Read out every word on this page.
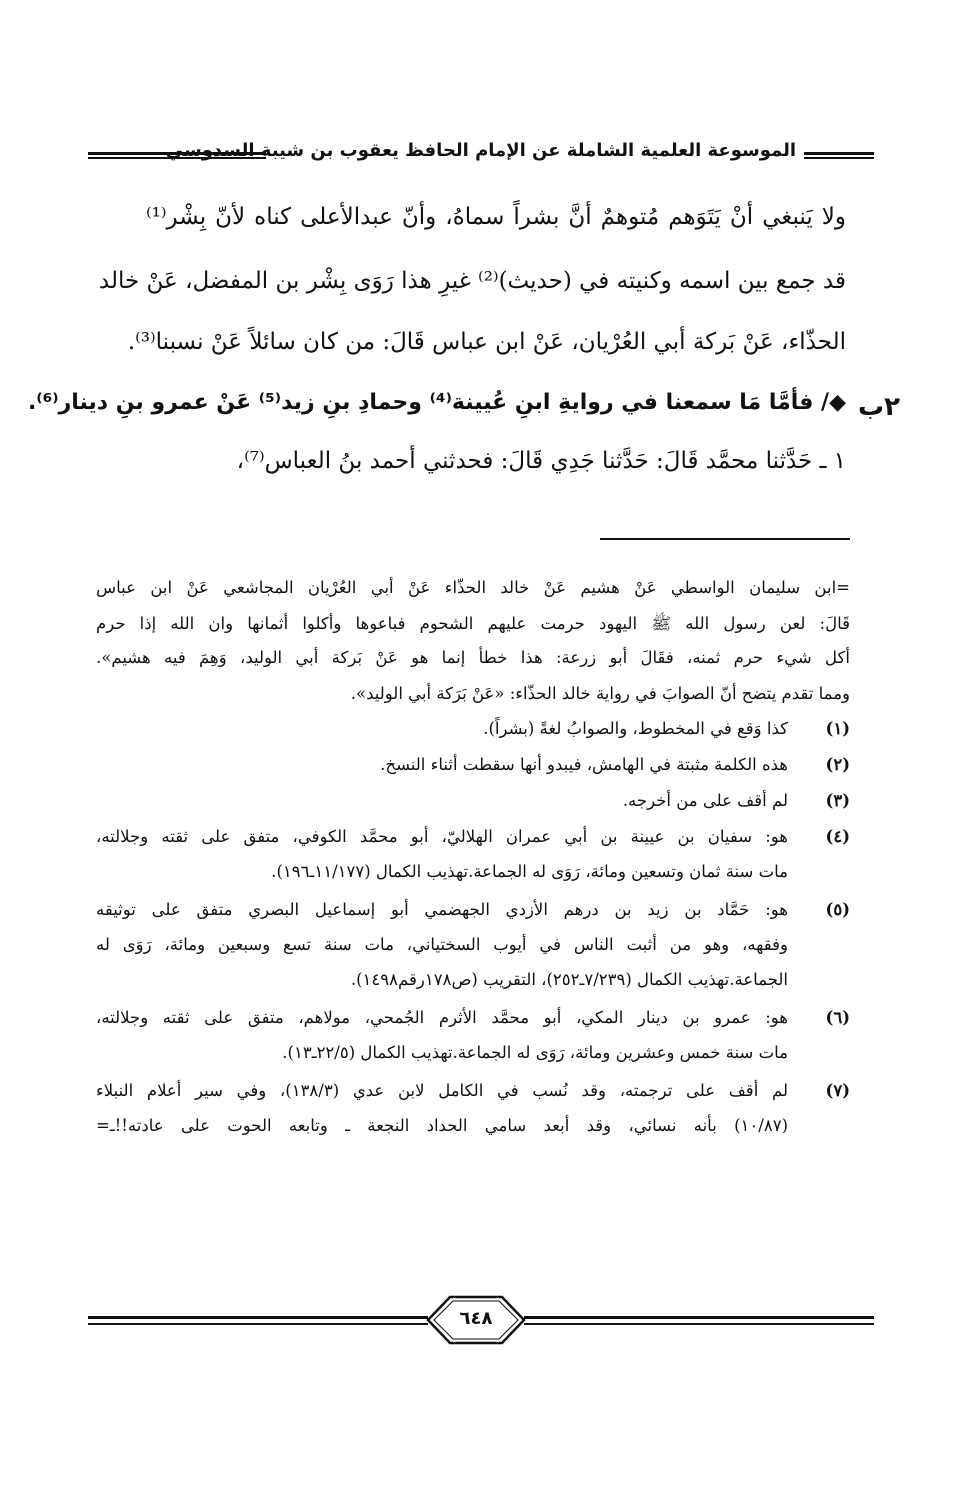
الموسوعة العلمية الشاملة عن الإمام الحافظ يعقوب بن شيبة السدوسي
ولا يَنبغي أنْ يَتَوَهم مُتوهمٌ أنَّ بشراً سماهُ، وأنّ عبدالأعلى كناه لأنّ بِشْر⁽¹⁾
قد جمع بين اسمه وكنيته في (حديث)⁽²⁾ غيرِ هذا رَوَى بِشْر بن المفضل، عَنْ خالد
الحذّاء، عَنْ بَركة أبي العُرْيان، عَنْ ابن عباس قَالَ: من كان سائلاً عَنْ نسبنا⁽³⁾.
◆/ فأمَّا مَا سمعنا في روايةِ ابنِ عُيينة⁽⁴⁾ وحمادِ بنِ زيد⁽⁵⁾ عَنْ عمرو بنِ دينار⁽⁶⁾.
١ ـ حَدَّثنا محمَّد قَالَ: حَدَّثنا جَدِي قَالَ: فحدثني أحمد بنُ العباس⁽⁷⁾،
٢ب
=ابن سليمان الواسطي عَنْ هشيم عَنْ خالد الحذّاء عَنْ أبي العُرْيان المجاشعي عَنْ ابن عباس
قَالَ: لعن رسول الله ﷺ اليهود حرمت عليهم الشحوم فباعوها وأكلوا أثمانها وان الله إذا حرم
أكل شيء حرم ثمنه، فقَالَ أبو زرعة: هذا خطأ إنما هو عَنْ بَركة أبي الوليد، وَهِمَ فيه هشيم».
ومما تقدم يتضح أنّ الصوابَ في رواية خالد الحذّاء: «عَنْ بَرَكة أبي الوليد».
(١)
كذا وَقع في المخطوط، والصوابُ لغةً (بشراً).
(٢)
هذه الكلمة مثبتة في الهامش، فيبدو أنها سقطت أثناء النسخ.
(٣)
لم أقف على من أخرجه.
(٤)
هو: سفيان بن عيينة بن أبي عمران الهلاليّ، أبو محمَّد الكوفي، متفق على ثقته وجلالته،
مات سنة ثمان وتسعين ومائة، رَوَى له الجماعة.تهذيب الكمال (١١/١٧٧ـ١٩٦).
(٥)
هو: حَمَّاد بن زيد بن درهم الأزدي الجهضمي أبو إسماعيل البصري متفق على توثيقه
وفقهه، وهو من أثبت الناس في أيوب السختياني، مات سنة تسع وسبعين ومائة، رَوَى له
الجماعة.تهذيب الكمال (٧/٢٣٩ـ٢٥٢)، التقريب (ص١٧٨رقم١٤٩٨).
(٦)
هو: عمرو بن دينار المكي، أبو محمَّد الأثرم الجُمحي، مولاهم، متفق على ثقته وجلالته،
مات سنة خمس وعشرين ومائة، رَوَى له الجماعة.تهذيب الكمال (٢٢/٥ـ١٣).
(٧)
لم أقف على ترجمته، وقد نُسب في الكامل لابن عدي (١٣٨/٣)، وفي سير أعلام النبلاء
(١٠/٨٧) بأنه نسائي، وقد أبعد سامي الحداد النجعة ـ وتابعه الحوت على عادته!!ـ=
٦٤٨
